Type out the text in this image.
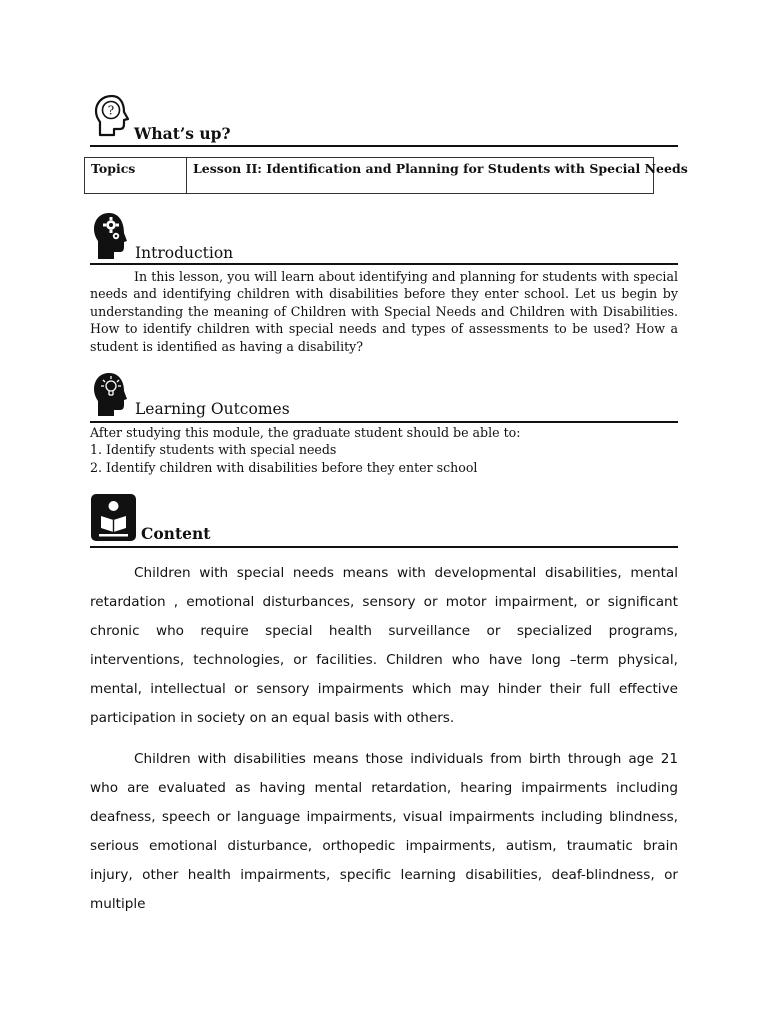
?
What’s up?
Topics	Lesson II: Identification and Planning for Students with Special Needs
Introduction

In this lesson, you will learn about identifying and planning for students with special needs and identifying children with disabilities before they enter school. Let us begin by understanding the meaning of Children with Special Needs and Children with Disabilities. How to identify children with special needs and types of assessments to be used? How a student is identified as having a disability?

Learning Outcomes
After studying this module, the graduate student should be able to:
1. Identify students with special needs
2. Identify children with disabilities before they enter school
Content

Children with special needs means with developmental disabilities, mental retardation , emotional disturbances, sensory or motor impairment, or significant chronic who require special health surveillance or specialized programs, interventions, technologies, or facilities. Children who have long –term physical, mental, intellectual or sensory impairments which may hinder their full effective participation in society on an equal basis with others.

Children with disabilities means those individuals from birth through age 21 who are evaluated as having mental retardation, hearing impairments including deafness, speech or language impairments, visual impairments including blindness, serious emotional disturbance, orthopedic impairments, autism, traumatic brain injury, other health impairments, specific learning disabilities, deaf-blindness, or multiple
